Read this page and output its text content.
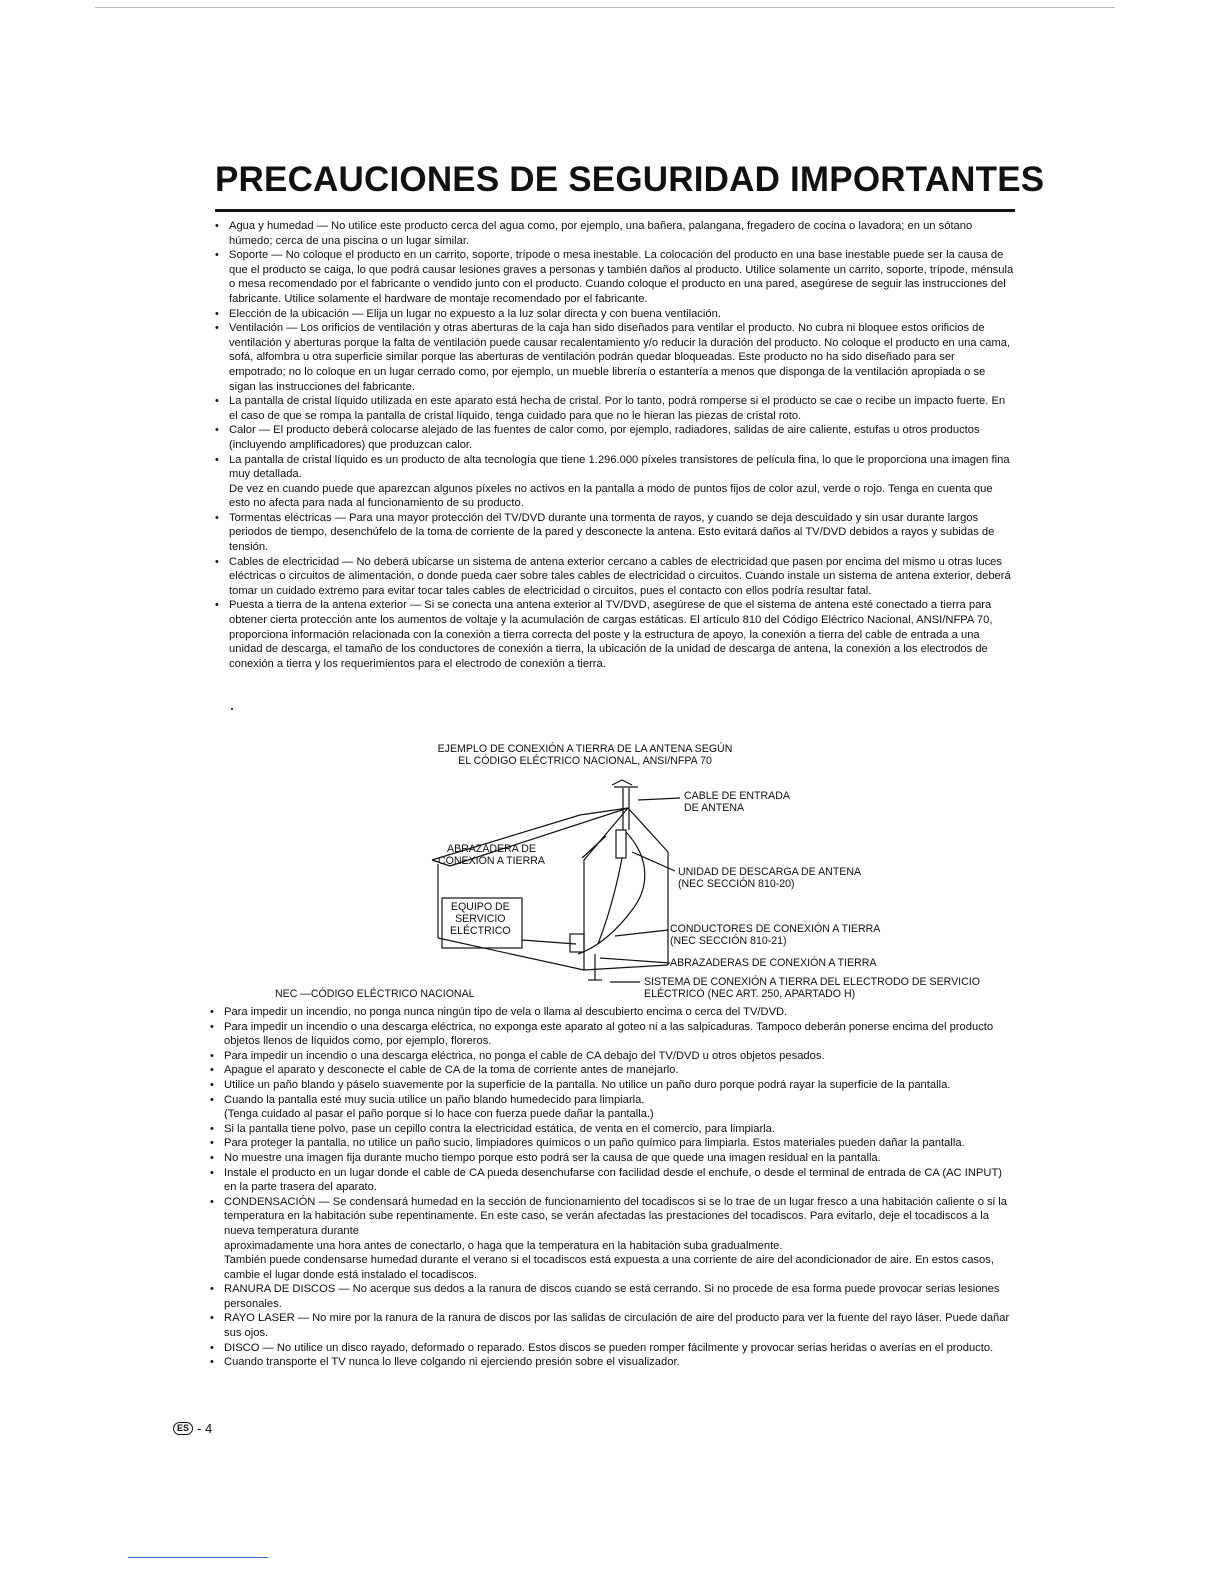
PRECAUCIONES DE SEGURIDAD IMPORTANTES
• Agua y humedad — No utilice este producto cerca del agua como, por ejemplo, una bañera, palangana, fregadero de cocina o lavadora; en un sótano húmedo; cerca de una piscina o un lugar similar.
• Soporte — No coloque el producto en un carrito, soporte, trípode o mesa inestable. La colocación del producto en una base inestable puede ser la causa de que el producto se caiga, lo que podrá causar lesiones graves a personas y también daños al producto. Utilice solamente un carrito, soporte, trípode, ménsula o mesa recomendado por el fabricante o vendido junto con el producto. Cuando coloque el producto en una pared, asegúrese de seguir las instrucciones del fabricante. Utilice solamente el hardware de montaje recomendado por el fabricante.
• Elección de la ubicación — Elija un lugar no expuesto a la luz solar directa y con buena ventilación.
• Ventilación — Los orificios de ventilación y otras aberturas de la caja han sido diseñados para ventilar el producto. No cubra ni bloquee estos orificios de ventilación y aberturas porque la falta de ventilación puede causar recalentamiento y/o reducir la duración del producto. No coloque el producto en una cama, sofá, alfombra u otra superficie similar porque las aberturas de ventilación podrán quedar bloqueadas. Este producto no ha sido diseñado para ser empotrado; no lo coloque en un lugar cerrado como, por ejemplo, un mueble librería o estantería a menos que disponga de la ventilación apropiada o se sigan las instrucciones del fabricante.
• La pantalla de cristal líquido utilizada en este aparato está hecha de cristal. Por lo tanto, podrá romperse si el producto se cae o recibe un impacto fuerte. En el caso de que se rompa la pantalla de cristal líquido, tenga cuidado para que no le hieran las piezas de cristal roto.
• Calor — El producto deberá colocarse alejado de las fuentes de calor como, por ejemplo, radiadores, salidas de aire caliente, estufas u otros productos (incluyendo amplificadores) que produzcan calor.
• La pantalla de cristal líquido es un producto de alta tecnología que tiene 1.296.000 píxeles transistores de película fina, lo que le proporciona una imagen fina muy detallada.
De vez en cuando puede que aparezcan algunos píxeles no activos en la pantalla a modo de puntos fijos de color azul, verde o rojo. Tenga en cuenta que esto no afecta para nada al funcionamiento de su producto.
• Tormentas eléctricas — Para una mayor protección del TV/DVD durante una tormenta de rayos, y cuando se deja descuidado y sin usar durante largos periodos de tiempo, desenchúfelo de la toma de corriente de la pared y desconecte la antena. Esto evitará daños al TV/DVD debidos a rayos y subidas de tensión.
• Cables de electricidad — No deberá ubicarse un sistema de antena exterior cercano a cables de electricidad que pasen por encima del mismo u otras luces eléctricas o circuitos de alimentación, o donde pueda caer sobre tales cables de electricidad o circuitos. Cuando instale un sistema de antena exterior, deberá tomar un cuidado extremo para evitar tocar tales cables de electricidad o circuitos, pues el contacto con ellos podría resultar fatal.
• Puesta a tierra de la antena exterior — Si se conecta una antena exterior al TV/DVD, asegúrese de que el sistema de antena esté conectado a tierra para obtener cierta protección ante los aumentos de voltaje y la acumulación de cargas estáticas. El artículo 810 del Código Eléctrico Nacional, ANSI/NFPA 70, proporciona información relacionada con la conexión a tierra correcta del poste y la estructura de apoyo, la conexión a tierra del cable de entrada a una unidad de descarga, el tamaño de los conductores de conexión a tierra, la ubicación de la unidad de descarga de antena, la conexión a los electrodos de conexión a tierra y los requerimientos para el electrodo de conexión a tierra.
EJEMPLO DE CONEXIÓN A TIERRA DE LA ANTENA SEGÚN
EL CÓDIGO ELÉCTRICO NACIONAL, ANSI/NFPA 70
CABLE DE ENTRADA
DE ANTENA
ABRAZADERA DE
CONEXIÓN A TIERRA
UNIDAD DE DESCARGA DE ANTENA
(NEC SECCIÓN 810-20)
EQUIPO DE
SERVICIO
ELÉCTRICO	CONDUCTORES DE CONEXIÓN A TIERRA
(NEC SECCIÓN 810-21)
ABRAZADERAS DE CONEXIÓN A TIERRA
SISTEMA DE CONEXIÓN A TIERRA DEL ELECTRODO DE SERVICIO
ELÉCTRICO (NEC ART. 250, APARTADO H)
NEC —CÓDIGO ELÉCTRICO NACIONAL
• Para impedir un incendio, no ponga nunca ningún tipo de vela o llama al descubierto encima o cerca del TV/DVD.
• Para impedir un incendio o una descarga eléctrica, no exponga este aparato al goteo ni a las salpicaduras. Tampoco deberán ponerse encima del producto objetos llenos de líquidos como, por ejemplo, floreros.
• Para impedir un incendio o una descarga eléctrica, no ponga el cable de CA debajo del TV/DVD u otros objetos pesados.
• Apague el aparato y desconecte el cable de CA de la toma de corriente antes de manejarlo.
• Utilice un paño blando y páselo suavemente por la superficie de la pantalla. No utilice un paño duro porque podrá rayar la superficie de la pantalla.
• Cuando la pantalla esté muy sucia utilice un paño blando humedecido para limpiarla.
(Tenga cuidado al pasar el paño porque si lo hace con fuerza puede dañar la pantalla.)
• Si la pantalla tiene polvo, pase un cepillo contra la electricidad estática, de venta en el comercio, para limpiarla.
• Para proteger la pantalla, no utilice un paño sucio, limpiadores químicos o un paño químico para limpiarla. Estos materiales pueden dañar la pantalla.
• No muestre una imagen fija durante mucho tiempo porque esto podrá ser la causa de que quede una imagen residual en la pantalla.
• Instale el producto en un lugar donde el cable de CA pueda desenchufarse con facilidad desde el enchufe, o desde el terminal de entrada de CA (AC INPUT) en la parte trasera del aparato.
• CONDENSACIÓN — Se condensará humedad en la sección de funcionamiento del tocadiscos si se lo trae de un lugar fresco a una habitación caliente o si la temperatura en la habitación sube repentinamente. En este caso, se verán afectadas las prestaciones del tocadiscos. Para evitarlo, deje el tocadiscos a la nueva temperatura durante
aproximadamente una hora antes de conectarlo, o haga que la temperatura en la habitación suba gradualmente.
También puede condensarse humedad durante el verano si el tocadiscos está expuesta a una corriente de aire del acondicionador de aire. En estos casos, cambie el lugar donde está instalado el tocadiscos.
• RANURA DE DISCOS — No acerque sus dedos a la ranura de discos cuando se está cerrando. Si no procede de esa forma puede provocar serias lesiones personales.
• RAYO LASER — No mire por la ranura de la ranura de discos por las salidas de circulación de aire del producto para ver la fuente del rayo láser. Puede dañar sus ojos.
• DISCO — No utilice un disco rayado, deformado o reparado. Estos discos se pueden romper fácilmente y provocar serias heridas o averías en el producto.
• Cuando transporte el TV nunca lo lleve colgando ni ejerciendo presión sobre el visualizador.
ES - 4
